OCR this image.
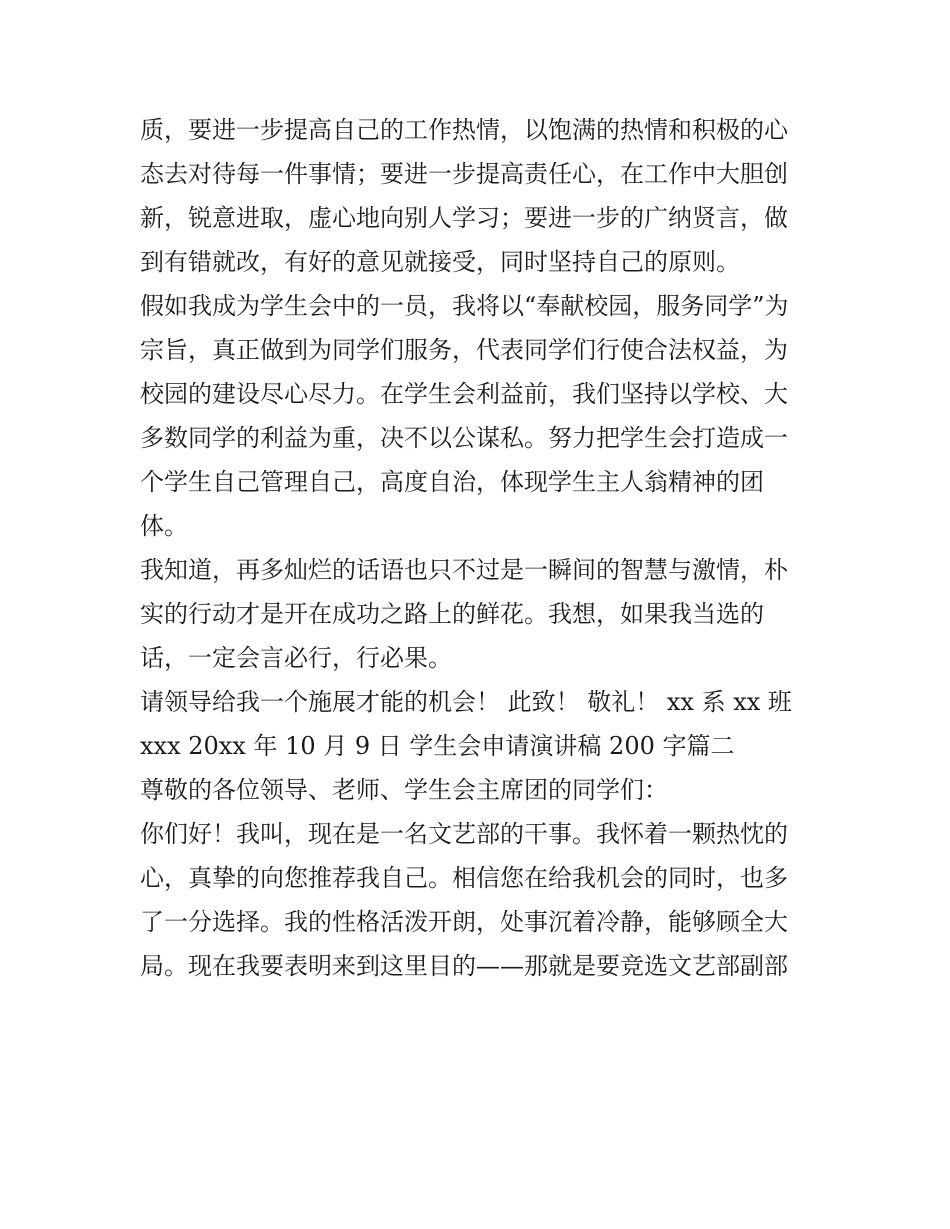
质，要进一步提高自己的工作热情，以饱满的热情和积极的心
态去对待每一件事情；要进一步提高责任心，在工作中大胆创
新，锐意进取，虚心地向别人学习；要进一步的广纳贤言，做
到有错就改，有好的意见就接受，同时坚持自己的原则。
假如我成为学生会中的一员，我将以“奉献校园，服务同学”为
宗旨，真正做到为同学们服务，代表同学们行使合法权益，为
校园的建设尽心尽力。在学生会利益前，我们坚持以学校、大
多数同学的利益为重，决不以公谋私。努力把学生会打造成一
个学生自己管理自己，高度自治，体现学生主人翁精神的团
体。
我知道，再多灿烂的话语也只不过是一瞬间的智慧与激情，朴
实的行动才是开在成功之路上的鲜花。我想，如果我当选的
话，一定会言必行，行必果。
请领导给我一个施展才能的机会！ 此致！ 敬礼！ xx 系 xx 班
xxx 20xx 年 10 月 9 日 学生会申请演讲稿 200 字篇二
尊敬的各位领导、老师、学生会主席团的同学们：
你们好！我叫，现在是一名文艺部的干事。我怀着一颗热忱的
心，真挚的向您推荐我自己。相信您在给我机会的同时，也多
了一分选择。我的性格活泼开朗，处事沉着冷静，能够顾全大
局。现在我要表明来到这里目的——那就是要竞选文艺部副部
